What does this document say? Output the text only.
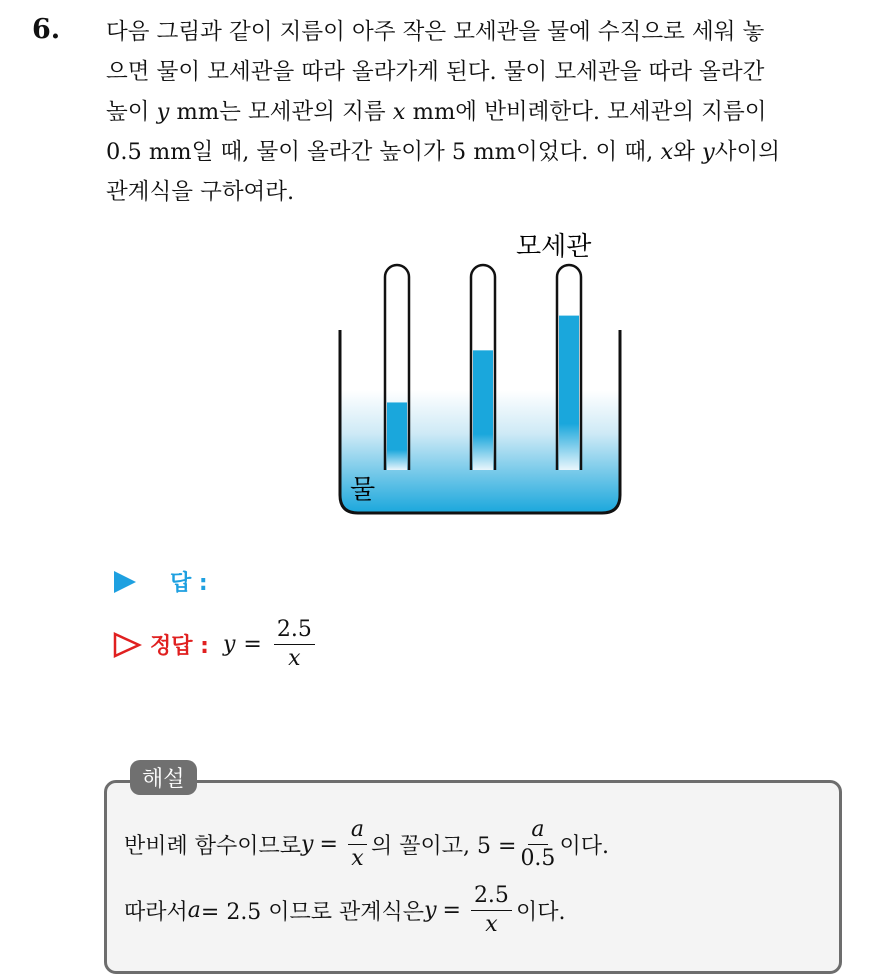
6. 다음 그림과 같이 지름이 아주 작은 모세관을 물에 수직으로 세워 놓
으면 물이 모세관을 따라 올라가게 된다. 물이 모세관을 따라 올라간
높이 y mm는 모세관의 지름 x mm에 반비례한다. 모세관의 지름이
0.5 mm일 때, 물이 올라간 높이가 5 mm이었다. 이 때, x와 y사이의
관계식을 구하여라.
모세관
물
답 :
정답 : $y = \frac{2.5}{x}$
해설
반비례 함수이므로 $y = \frac{a}{x}$ 의 꼴이고, $5 = \frac{a}{0.5}$ 이다.
따라서 a = 2.5 이므로 관계식은 $y = \frac{2.5}{x}$ 이다.
